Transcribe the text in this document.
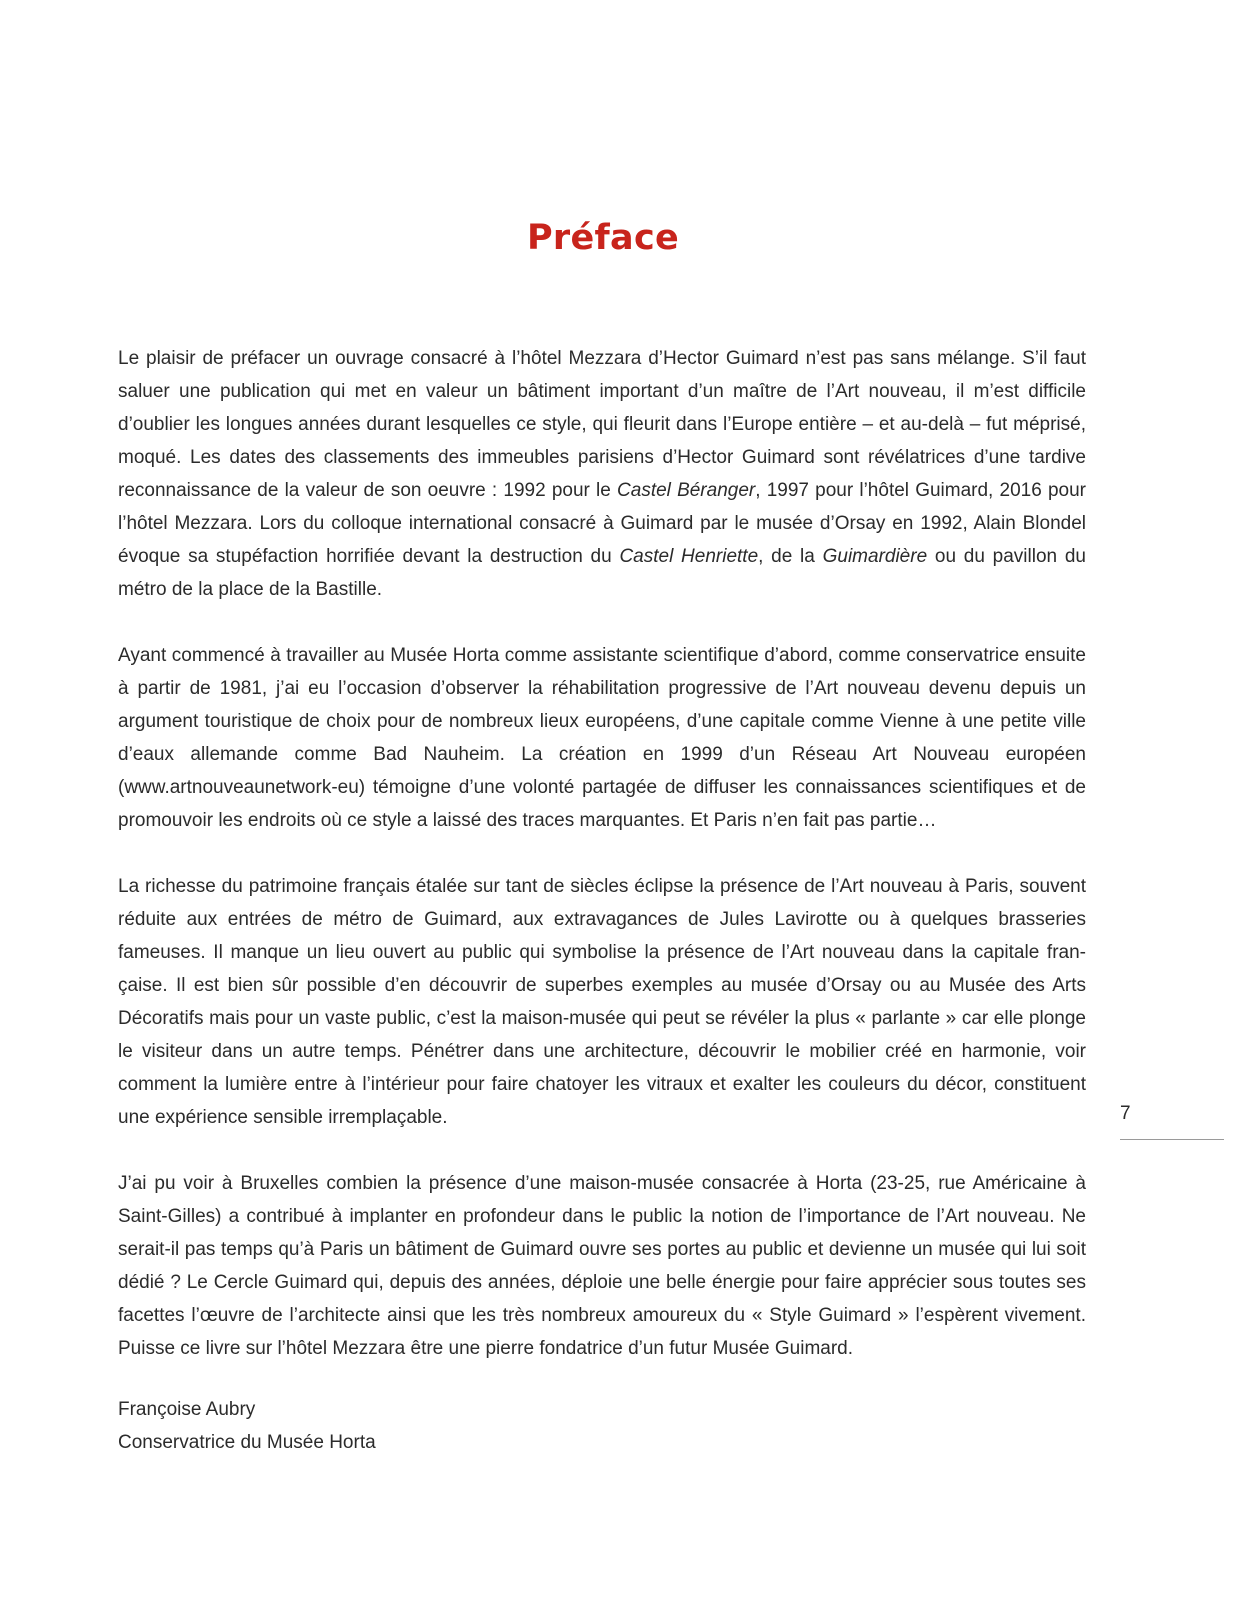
Préface

Le plaisir de préfacer un ouvrage consacré à l’hôtel Mezzara d’Hector Guimard n’est pas sans mélange. S’il faut saluer une publication qui met en valeur un bâtiment important d’un maître de l’Art nouveau, il m’est difficile d’oublier les longues années durant lesquelles ce style, qui fleurit dans l’Europe entière – et au-delà – fut méprisé, moqué. Les dates des classements des immeubles parisiens d’Hector Guimard sont révélatrices d’une tardive reconnaissance de la valeur de son oeuvre : 1992 pour le Castel Béranger, 1997 pour l’hôtel Guimard, 2016 pour l’hôtel Mezzara. Lors du colloque international consacré à Guimard par le musée d’Orsay en 1992, Alain Blondel évoque sa stupéfaction horrifiée devant la destruction du Castel Henriette, de la Guimardière ou du pavillon du métro de la place de la Bastille.

Ayant commencé à travailler au Musée Horta comme assistante scientifique d’abord, comme conservatrice ensuite à partir de 1981, j’ai eu l’occasion d’observer la réhabilitation progressive de l’Art nouveau devenu depuis un argument touristique de choix pour de nombreux lieux européens, d’une capitale comme Vienne à une petite ville d’eaux allemande comme Bad Nauheim. La création en 1999 d’un Réseau Art Nouveau européen (www.artnouveaunetwork-eu) témoigne d’une volonté partagée de diffuser les connaissances scientifiques et de promouvoir les endroits où ce style a laissé des traces marquantes. Et Paris n’en fait pas partie…

La richesse du patrimoine français étalée sur tant de siècles éclipse la présence de l’Art nouveau à Paris, souvent réduite aux entrées de métro de Guimard, aux extravagances de Jules Lavirotte ou à quelques brasseries fameuses. Il manque un lieu ouvert au public qui symbolise la présence de l’Art nouveau dans la capitale française. Il est bien sûr possible d’en découvrir de superbes exemples au musée d’Orsay ou au Musée des Arts Décoratifs mais pour un vaste public, c’est la maison-musée qui peut se révéler la plus « parlante » car elle plonge le visiteur dans un autre temps. Pénétrer dans une architecture, découvrir le mobilier créé en harmonie, voir comment la lumière entre à l’intérieur pour faire chatoyer les vitraux et exalter les couleurs du décor, constituent une expérience sensible irremplaçable.

J’ai pu voir à Bruxelles combien la présence d’une maison-musée consacrée à Horta (23-25, rue Américaine à Saint-Gilles) a contribué à implanter en profondeur dans le public la notion de l’importance de l’Art nouveau. Ne serait-il pas temps qu’à Paris un bâtiment de Guimard ouvre ses portes au public et devienne un musée qui lui soit dédié ? Le Cercle Guimard qui, depuis des années, déploie une belle énergie pour faire apprécier sous toutes ses facettes l’œuvre de l’architecte ainsi que les très nombreux amoureux du « Style Guimard » l’espèrent vivement. Puisse ce livre sur l’hôtel Mezzara être une pierre fondatrice d’un futur Musée Guimard.

Françoise Aubry
Conservatrice du Musée Horta
7
